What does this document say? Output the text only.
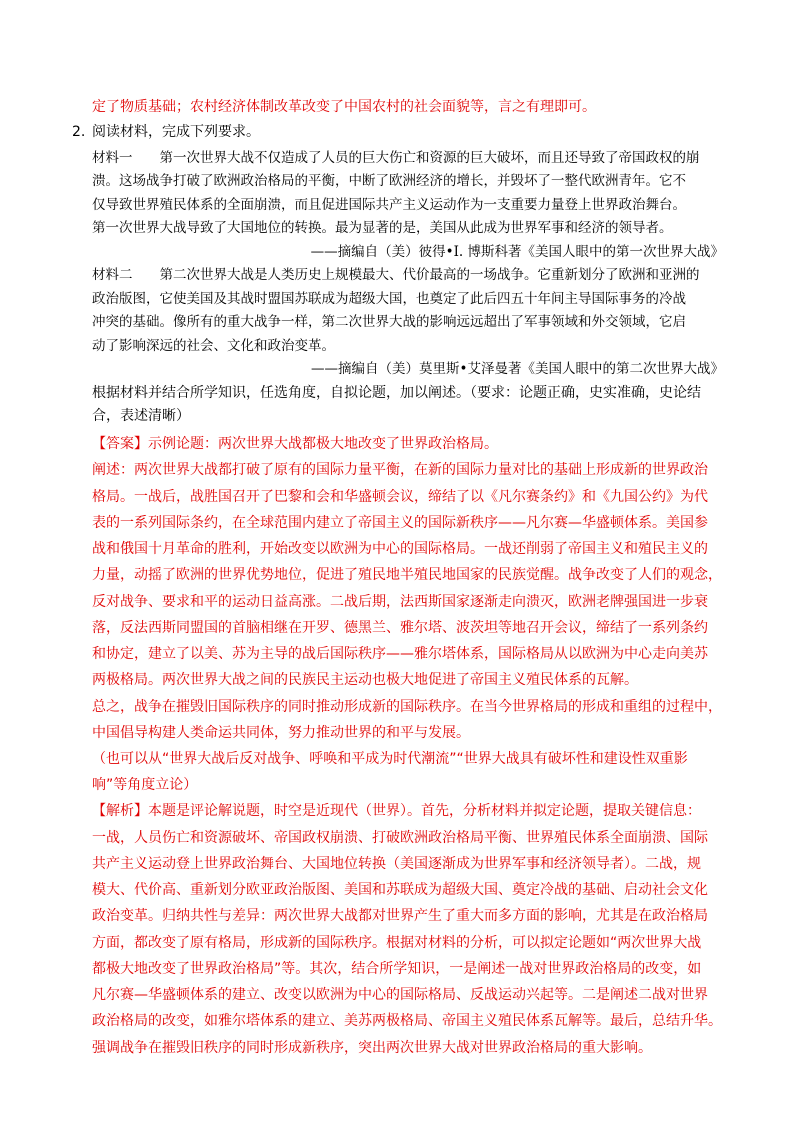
定了物质基础；农村经济体制改革改变了中国农村的社会面貌等，言之有理即可。
2. 阅读材料，完成下列要求。
材料一　　第一次世界大战不仅造成了人员的巨大伤亡和资源的巨大破坏，而且还导致了帝国政权的崩
溃。这场战争打破了欧洲政治格局的平衡，中断了欧洲经济的增长，并毁坏了一整代欧洲青年。它不
仅导致世界殖民体系的全面崩溃，而且促进国际共产主义运动作为一支重要力量登上世界政治舞台。
第一次世界大战导致了大国地位的转换。最为显著的是，美国从此成为世界军事和经济的领导者。
——摘编自（美）彼得•Ⅰ. 博斯科著《美国人眼中的第一次世界大战》
材料二　　第二次世界大战是人类历史上规模最大、代价最高的一场战争。它重新划分了欧洲和亚洲的
政治版图，它使美国及其战时盟国苏联成为超级大国，也奠定了此后四五十年间主导国际事务的冷战
冲突的基础。像所有的重大战争一样，第二次世界大战的影响远远超出了军事领域和外交领域，它启
动了影响深远的社会、文化和政治变革。
——摘编自（美）莫里斯•艾泽曼著《美国人眼中的第二次世界大战》
根据材料并结合所学知识，任选角度，自拟论题，加以阐述。（要求：论题正确，史实准确，史论结
合，表述清晰）
【答案】示例论题：两次世界大战都极大地改变了世界政治格局。
阐述：两次世界大战都打破了原有的国际力量平衡，在新的国际力量对比的基础上形成新的世界政治
格局。一战后，战胜国召开了巴黎和会和华盛顿会议，缔结了以《凡尔赛条约》和《九国公约》为代
表的一系列国际条约，在全球范围内建立了帝国主义的国际新秩序——凡尔赛—华盛顿体系。美国参
战和俄国十月革命的胜利，开始改变以欧洲为中心的国际格局。一战还削弱了帝国主义和殖民主义的
力量，动摇了欧洲的世界优势地位，促进了殖民地半殖民地国家的民族觉醒。战争改变了人们的观念，
反对战争、要求和平的运动日益高涨。二战后期，法西斯国家逐渐走向溃灭，欧洲老牌强国进一步衰
落，反法西斯同盟国的首脑相继在开罗、德黑兰、雅尔塔、波茨坦等地召开会议，缔结了一系列条约
和协定，建立了以美、苏为主导的战后国际秩序——雅尔塔体系，国际格局从以欧洲为中心走向美苏
两极格局。两次世界大战之间的民族民主运动也极大地促进了帝国主义殖民体系的瓦解。
总之，战争在摧毁旧国际秩序的同时推动形成新的国际秩序。在当今世界格局的形成和重组的过程中，
中国倡导构建人类命运共同体，努力推动世界的和平与发展。
（也可以从“世界大战后反对战争、呼唤和平成为时代潮流”“世界大战具有破坏性和建设性双重影
响”等角度立论）
【解析】本题是评论解说题，时空是近现代（世界）。首先，分析材料并拟定论题，提取关键信息：
一战，人员伤亡和资源破坏、帝国政权崩溃、打破欧洲政治格局平衡、世界殖民体系全面崩溃、国际
共产主义运动登上世界政治舞台、大国地位转换（美国逐渐成为世界军事和经济领导者）。二战，规
模大、代价高、重新划分欧亚政治版图、美国和苏联成为超级大国、奠定冷战的基础、启动社会文化
政治变革。归纳共性与差异：两次世界大战都对世界产生了重大而多方面的影响，尤其是在政治格局
方面，都改变了原有格局，形成新的国际秩序。根据对材料的分析，可以拟定论题如“两次世界大战
都极大地改变了世界政治格局”等。其次，结合所学知识，一是阐述一战对世界政治格局的改变，如
凡尔赛—华盛顿体系的建立、改变以欧洲为中心的国际格局、反战运动兴起等。二是阐述二战对世界
政治格局的改变，如雅尔塔体系的建立、美苏两极格局、帝国主义殖民体系瓦解等。最后，总结升华。
强调战争在摧毁旧秩序的同时形成新秩序，突出两次世界大战对世界政治格局的重大影响。
